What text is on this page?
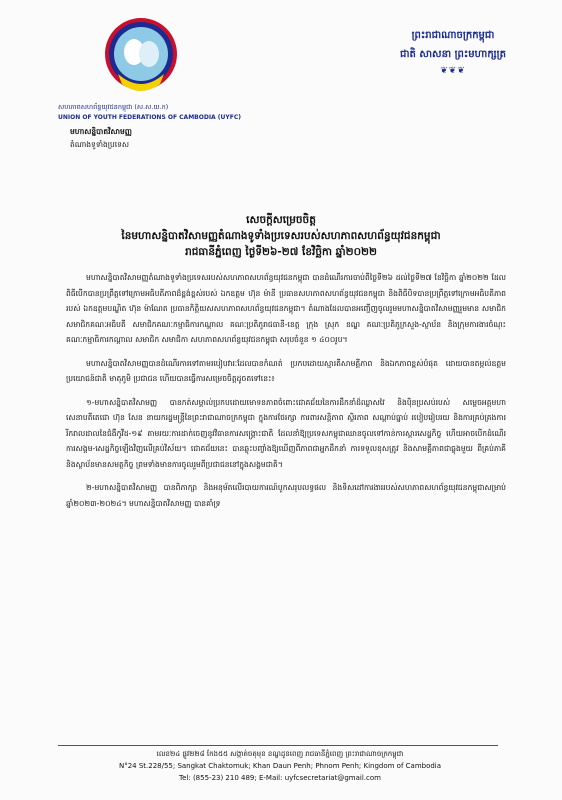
សហភាពសហព័ន្ធយុវជនកម្ពុជា (ស.ស.យ.ក)
UNION OF YOUTH FEDERATIONS OF CAMBODIA (UYFC)
មហាសន្និបាតវិសាមញ្ញ
តំណាងទូទាំងប្រទេស
ព្រះរាជាណាចក្រកម្ពុជា
ជាតិ សាសនា ព្រះមហាក្សត្រ
❦❦❦
សេចក្តីសម្រេចចិត្ត
នៃមហាសន្និបាតវិសាមញ្ញតំណាងទូទាំងប្រទេសរបស់សហភាពសហព័ន្ធយុវជនកម្ពុជា
រាជធានីភ្នំពេញ ថ្ងៃទី២៦-២៧ ខែវិច្ឆិកា ឆ្នាំ២០២២

មហាសន្និបាតវិសាមញ្ញតំណាងទូទាំងប្រទេសរបស់សហភាពសហព័ន្ធយុវជនកម្ពុជា បានដំណើរការចាប់ពីថ្ងៃទី២៦ ដល់ថ្ងៃទី២៧ ខែវិច្ឆិកា ឆ្នាំ២០២២ ដែលពិធីបើកបានប្រព្រឹត្តទៅក្រោមអធិបតីភាពដ៏ខ្ពង់ខ្ពស់របស់ ឯកឧត្តម ហ៊ុន ម៉ានី ប្រធានសហភាពសហព័ន្ធយុវជនកម្ពុជា និងពិធីបិទបានប្រព្រឹត្តទៅក្រោមអធិបតីភាពរបស់ ឯកឧត្តមបណ្ឌិត ហ៊ុន ម៉ាណែត ប្រធានកិត្តិយសសហភាពសហព័ន្ធយុវជនកម្ពុជា។ តំណាងដែលបានអញ្ជើញចូលរួមមហាសន្និបាតវិសាមញ្ញរួមមាន សមាជិក សមាជិកគណៈអធិបតី សមាជិកគណៈកម្មាធិការកណ្តាល គណៈប្រតិភូរាជធានី-ខេត្ត ក្រុង ស្រុក ខណ្ឌ គណៈប្រតិភូក្រសួង-ស្ថាប័ន និងក្រុមការងារចំណុះគណៈកម្មាធិការកណ្តាល សមាជិក សមាជិកា សហភាពសហព័ន្ធយុវជនកម្ពុជា សរុបចំនួន ១ ៤០០រូប។

មហាសន្និបាតវិសាមញ្ញបានដំណើរការទៅតាមរបៀបវារៈដែលបានកំណត់ ប្រកបដោយស្មារតីសាមគ្គីភាព និងឯកភាពខ្ពស់បំផុត ដោយបានតម្កល់ឧត្តមប្រយោជន៍ជាតិ មាតុភូមិ ប្រជាជន ហើយបានធ្វើការសម្រេចចិត្តដូចតទៅនេះ៖

១-មហាសន្និបាតវិសាមញ្ញ បានកត់សម្គាល់ប្រកបដោយមោទនភាពចំពោះជោគជ័យនៃការដឹកនាំដ៏ឈ្លាសវៃ និងប៉ិនប្រសប់របស់ សម្តេចអគ្គមហាសេនាបតីតេជោ ហ៊ុន សែន នាយករដ្ឋមន្ត្រីនៃព្រះរាជាណាចក្រកម្ពុជា ក្នុងការថែរក្សា ការពារសន្តិភាព ស្ថិរភាព សណ្តាប់ធ្នាប់ របៀបរៀបរយ និងការគ្រប់គ្រងការរីករាលដាលនៃជំងឺកូវីដ-១៩ តាមរយៈការដាក់ចេញនូវវិធានការសង្គ្រោះជាតិ ដែលនាំឱ្យប្រទេសកម្ពុជាឈានចូលទៅកាន់ការស្តារសេដ្ឋកិច្ច ហើយអាចបើកដំណើរការសង្គម-សេដ្ឋកិច្ចឡើងវិញលើគ្រប់វិស័យ។ ជោគជ័យនេះ បានឆ្លុះបញ្ចាំងឱ្យឃើញពីភាពជាអ្នកដឹកនាំ ការទទួលខុសត្រូវ និងសាមគ្គីភាពជាធ្លុងមួយ ពីគ្រប់ភាគី និងស្ថាប័នមានសមត្ថកិច្ច ព្រមទាំងមានការចូលរួមពីប្រជាជននៅក្នុងសង្គមជាតិ។

២-មហាសន្និបាតវិសាមញ្ញ បានពិភាក្សា និងអនុម័តលើរបាយការណ៍បូកសរុបលទ្ធផល និងទិសដៅការងាររបស់សហភាពសហព័ន្ធយុវជនកម្ពុជាសម្រាប់ឆ្នាំ២០២៣-២០២៤។ មហាសន្និបាតវិសាមញ្ញ បានគាំទ្រ

លេខ២៤ ផ្លូវ២២៨ កែង៥៥ សង្កាត់ចតុមុខ ខណ្ឌដូនពេញ រាជធានីភ្នំពេញ ព្រះរាជាណាចក្រកម្ពុជា
N°24 St.228/55; Sangkat Chaktomuk; Khan Daun Penh; Phnom Penh; Kingdom of Cambodia
Tel: (855-23) 210 489; E-Mail: uyfcsecretariat@gmail.com
